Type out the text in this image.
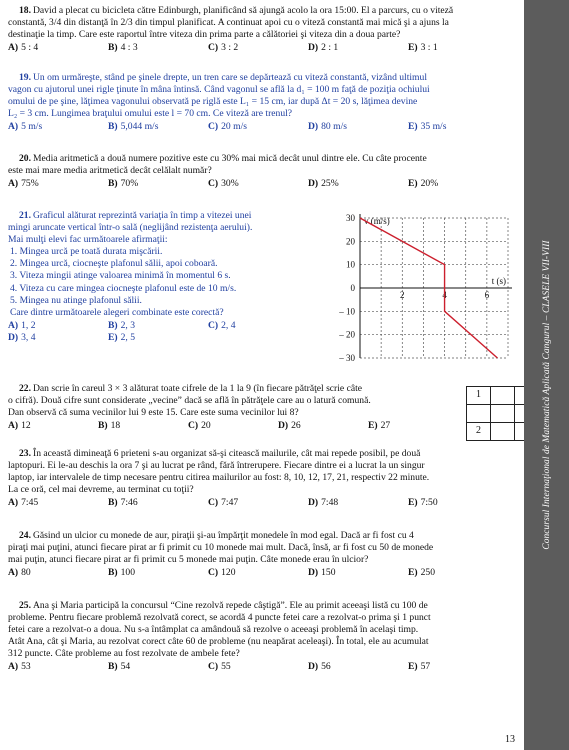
18. David a plecat cu bicicleta către Edinburgh, planificând să ajungă acolo la ora 15:00. El a parcurs, cu o viteză

constantă, 3/4 din distanţă în 2/3 din timpul planificat. A continuat apoi cu o viteză constantă mai mică şi a ajuns la

destinaţie la timp. Care este raportul între viteza din prima parte a călătoriei şi viteza din a doua parte?

A) 5 : 4	B) 4 : 3	C) 3 : 2	D) 2 : 1	E) 3 : 1

19. Un om urmăreşte, stând pe şinele drepte, un tren care se depărtează cu viteză constantă, vizând ultimul

vagon cu ajutorul unei rigle ţinute în mâna întinsă. Când vagonul se află la d₁ = 100 m faţă de poziţia ochiului

omului de pe şine, lăţimea vagonului observată pe riglă este L₁ = 15 cm, iar după Δt = 20 s, lăţimea devine

L₂ = 3 cm. Lungimea braţului omului este l = 70 cm. Ce viteză are trenul?

A) 5 m/s	B) 5,044 m/s	C) 20 m/s	D) 80 m/s	E) 35 m/s

20. Media aritmetică a două numere pozitive este cu 30% mai mică decât unul dintre ele. Cu câte procente

este mai mare media aritmetică decât celălalt număr?

A) 75%	B) 70%	C) 30%	D) 25%	E) 20%

21. Graficul alăturat reprezintă variaţia în timp a vitezei unei

mingi aruncate vertical într-o sală (neglijând rezistenţa aerului).

Mai mulţi elevi fac următoarele afirmaţii:

1. Mingea urcă pe toată durata mişcării.

2. Mingea urcă, ciocneşte plafonul sălii, apoi coboară.

3. Viteza mingii atinge valoarea minimă în momentul 6 s.

4. Viteza cu care mingea ciocneşte plafonul este de 10 m/s.

5. Mingea nu atinge plafonul sălii.

Care dintre următoarele alegeri combinate este corectă?

A) 1, 2	B) 2, 3	C) 2, 4
D) 3, 4	E) 2, 5
30
20
10
0
– 10
– 20
– 30
2	4	6
v (m/s)
t (s)

22. Dan scrie în careul 3 × 3 alăturat toate cifrele de la 1 la 9 (în fiecare pătrăţel scrie câte

o cifră). Două cifre sunt considerate „vecine” dacă se află în pătrăţele care au o latură comună.

Dan observă că suma vecinilor lui 9 este 15. Care este suma vecinilor lui 8?

A) 12	B) 18	C) 20	D) 26	E) 27
1
2

23. În această dimineaţă 6 prieteni s-au organizat să-şi citească mailurile, cât mai repede posibil, pe două

laptopuri. Ei le-au deschis la ora 7 şi au lucrat pe rând, fără întrerupere. Fiecare dintre ei a lucrat la un singur

laptop, iar intervalele de timp necesare pentru citirea mailurilor au fost: 8, 10, 12, 17, 21, respectiv 22 minute.

La ce oră, cel mai devreme, au terminat cu toţii?

A) 7:45	B) 7:46	C) 7:47	D) 7:48	E) 7:50

24. Găsind un ulcior cu monede de aur, piraţii şi-au împărţit monedele în mod egal. Dacă ar fi fost cu 4

piraţi mai puţini, atunci fiecare pirat ar fi primit cu 10 monede mai mult. Dacă, însă, ar fi fost cu 50 de monede

mai puţin, atunci fiecare pirat ar fi primit cu 5 monede mai puţin. Câte monede erau în ulcior?

A) 80	B) 100	C) 120	D) 150	E) 250

25. Ana şi Maria participă la concursul “Cine rezolvă repede câştigă”. Ele au primit aceeaşi listă cu 100 de

probleme. Pentru fiecare problemă rezolvată corect, se acordă 4 puncte fetei care a rezolvat-o prima şi 1 punct

fetei care a rezolvat-o a doua. Nu s-a întâmplat ca amândouă să rezolve o aceeaşi problemă în acelaşi timp.

Atât Ana, cât şi Maria, au rezolvat corect câte 60 de probleme (nu neapărat aceleaşi). În total, ele au acumulat

312 puncte. Câte probleme au fost rezolvate de ambele fete?

A) 53	B) 54	C) 55	D) 56	E) 57
13
Concursul Internaţional de Matematică Aplicată Cangurul – CLASELE VII-VIII
